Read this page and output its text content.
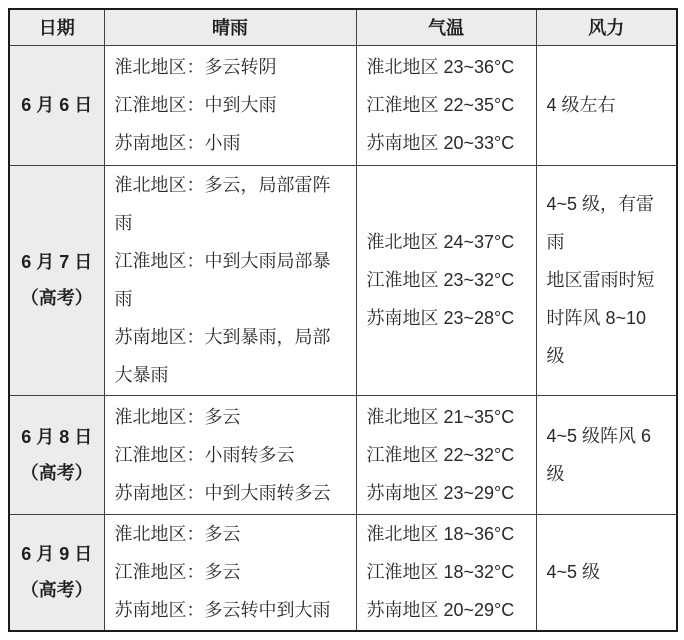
日期	晴雨	气温	风力

6 月 6 日

淮北地区：多云转阴
江淮地区：中到大雨
苏南地区：小雨

淮北地区 23~36°C
江淮地区 22~35°C
苏南地区 20~33°C

4 级左右

6 月 7 日
（高考）

淮北地区：多云，局部雷阵雨
江淮地区：中到大雨局部暴雨
苏南地区：大到暴雨，局部大暴雨

淮北地区 24~37°C
江淮地区 23~32°C
苏南地区 23~28°C

4~5 级，有雷雨
地区雷雨时短
时阵风 8~10 级

6 月 8 日
（高考）

淮北地区：多云
江淮地区：小雨转多云
苏南地区：中到大雨转多云

淮北地区 21~35°C
江淮地区 22~32°C
苏南地区 23~29°C

4~5 级阵风 6 级

6 月 9 日
（高考）

淮北地区：多云
江淮地区：多云
苏南地区：多云转中到大雨

淮北地区 18~36°C
江淮地区 18~32°C
苏南地区 20~29°C

4~5 级
